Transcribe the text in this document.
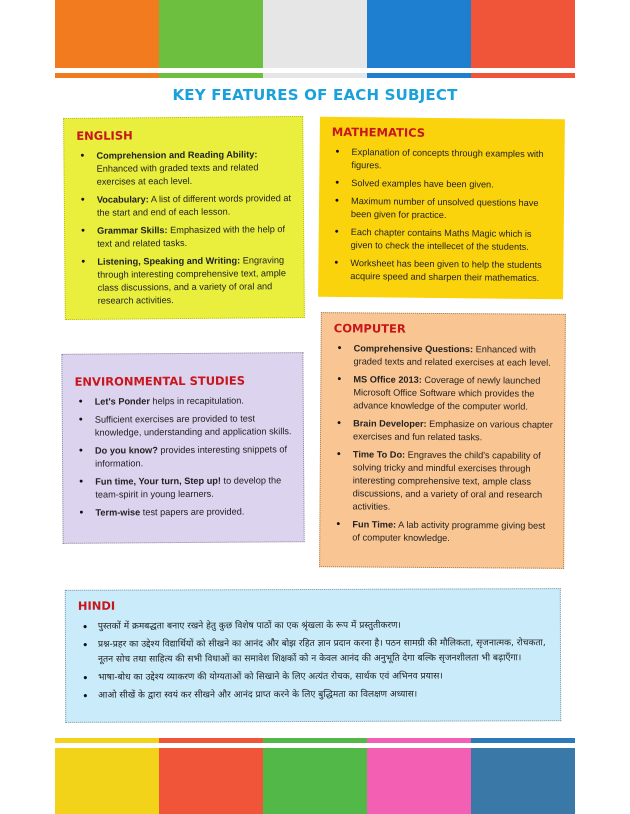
KEY FEATURES OF EACH SUBJECT
ENGLISH
• Comprehension and Reading Ability: Enhanced with graded texts and related exercises at each level.
• Vocabulary: A list of different words provided at the start and end of each lesson.
• Grammar Skills: Emphasized with the help of text and related tasks.
• Listening, Speaking and Writing: Engraving through interesting comprehensive text, ample class discussions, and a variety of oral and research activities.
MATHEMATICS
• Explanation of concepts through examples with figures.
• Solved examples have been given.
• Maximum number of unsolved questions have been given for practice.
• Each chapter contains Maths Magic which is given to check the intellecet of the students.
• Worksheet has been given to help the students acquire speed and sharpen their mathematics.
ENVIRONMENTAL STUDIES
• Let's Ponder helps in recapitulation.
• Sufficient exercises are provided to test knowledge, understanding and application skills.
• Do you know? provides interesting snippets of information.
• Fun time, Your turn, Step up! to develop the team-spirit in young learners.
• Term-wise test papers are provided.
COMPUTER
• Comprehensive Questions: Enhanced with graded texts and related exercises at each level.
• MS Office 2013: Coverage of newly launched Microsoft Office Software which provides the advance knowledge of the computer world.
• Brain Developer: Emphasize on various chapter exercises and fun related tasks.
• Time To Do: Engraves the child's capability of solving tricky and mindful exercises through interesting comprehensive text, ample class discussions, and a variety of oral and research activities.
• Fun Time: A lab activity programme giving best of computer knowledge.
HINDI
• पुस्तकों में क्रमबद्धता बनाए रखने हेतु कुछ विशेष पाठों का एक श्रृंखला के रूप में प्रस्तुतीकरण।
• प्रश्न-प्रहर का उद्देश्य विद्यार्थियों को सीखने का आनंद और बोझ रहित ज्ञान प्रदान करना है। पठन सामग्री की मौलिकता, सृजनात्मक, रोचकता, नूतन सोच तथा साहित्य की सभी विधाओं का समावेश शिक्षकों को न केवल आनंद की अनुभूति देगा बल्कि सृजनशीलता भी बढ़ाएँगा।
• भाषा-बोध का उद्देश्य व्याकरण की योग्यताओं को सिखाने के लिए अत्यंत रोचक, सार्थक एवं अभिनव प्रयास।
• आओ सीखें के द्वारा स्वयं कर सीखने और आनंद प्राप्त करने के लिए बुद्धिमता का विलक्षण अध्यास।
